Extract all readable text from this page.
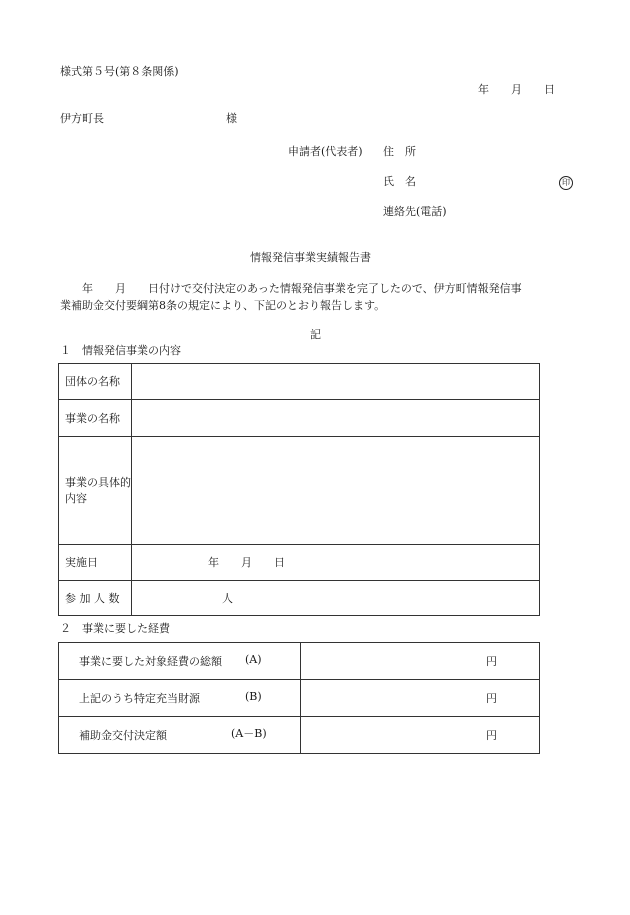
様式第５号(第８条関係)
年　　月　　日
伊方町長	様
申請者(代表者) 住　所
氏　名	印
連絡先(電話)
情報発信事業実績報告書
　　年　　月　　日付けで交付決定のあった情報発信事業を完了したので、伊方町情報発信事
業補助金交付要綱第8条の規定により、下記のとおり報告します。
記
１　情報発信事業の内容
団体の名称	
事業の名称	
事業の具体的内容	
実施日	年　　月　　日
参 加 人 数	人
２　事業に要した経費
事業に要した対象経費の総額 (A)	円
上記のうち特定充当財源 (B)	円
補助金交付決定額 (A－B)	円
